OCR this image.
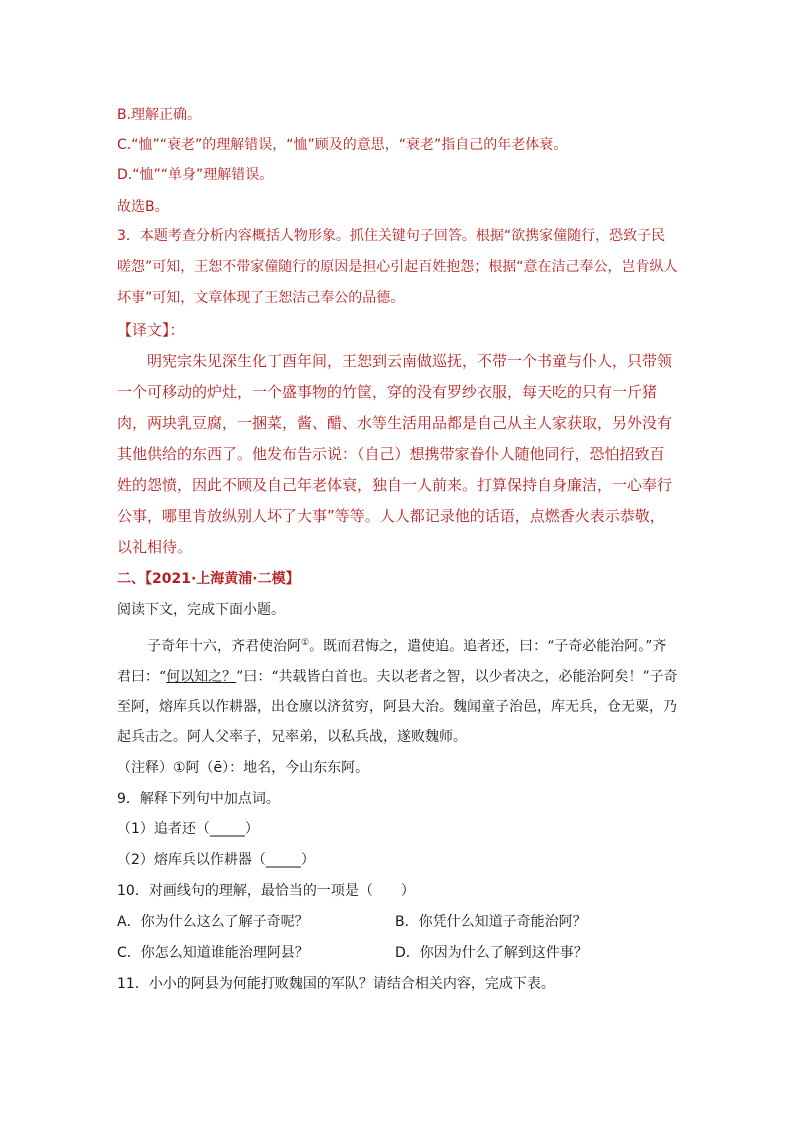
B.理解正确。
C.“恤”“衰老”的理解错误，“恤”顾及的意思，“衰老”指自己的年老体衰。
D.“恤”“单身”理解错误。
故选B。
3．本题考查分析内容概括人物形象。抓住关键句子回答。根据“欲携家僮随行，恐致子民嗟怨”可知，王恕不带家僮随行的原因是担心引起百姓抱怨；根据“意在洁己奉公，岂肯纵人坏事”可知，文章体现了王恕洁己奉公的品德。
【译文】：
明宪宗朱见深生化丁酉年间，王恕到云南做巡抚，不带一个书童与仆人，只带领一个可移动的炉灶，一个盛事物的竹筐，穿的没有罗纱衣服，每天吃的只有一斤猪肉，两块乳豆腐，一捆菜，酱、醋、水等生活用品都是自己从主人家获取，另外没有其他供给的东西了。他发布告示说：（自己）想携带家眷仆人随他同行，恐怕招致百姓的怨愤，因此不顾及自己年老体衰，独自一人前来。打算保持自身廉洁，一心奉行公事，哪里肯放纵别人坏了大事”等等。人人都记录他的话语，点燃香火表示恭敬，以礼相待。
二、【2021·上海黄浦·二模】
阅读下文，完成下面小题。
子奇年十六，齐君使治阿①。既而君悔之，遣使追。追者还，曰：“子奇必能治阿。”齐君曰：“何以知之？”曰：“共载皆白首也。夫以老者之智，以少者决之，必能治阿矣！”子奇至阿，熔库兵以作耕器，出仓廪以济贫穷，阿县大治。魏闻童子治邑，库无兵，仓无粟，乃起兵击之。阿人父率子，兄率弟，以私兵战，遂败魏师。
（注释）①阿（ē）：地名，今山东东阿。
9．解释下列句中加点词。
（1）追者还（_____）
（2）熔库兵以作耕器（_____）
10．对画线句的理解，最恰当的一项是（　　）
A．你为什么这么了解子奇呢？	B．你凭什么知道子奇能治阿？
C．你怎么知道谁能治理阿县？	D．你因为什么了解到这件事？
11．小小的阿县为何能打败魏国的军队？请结合相关内容，完成下表。
